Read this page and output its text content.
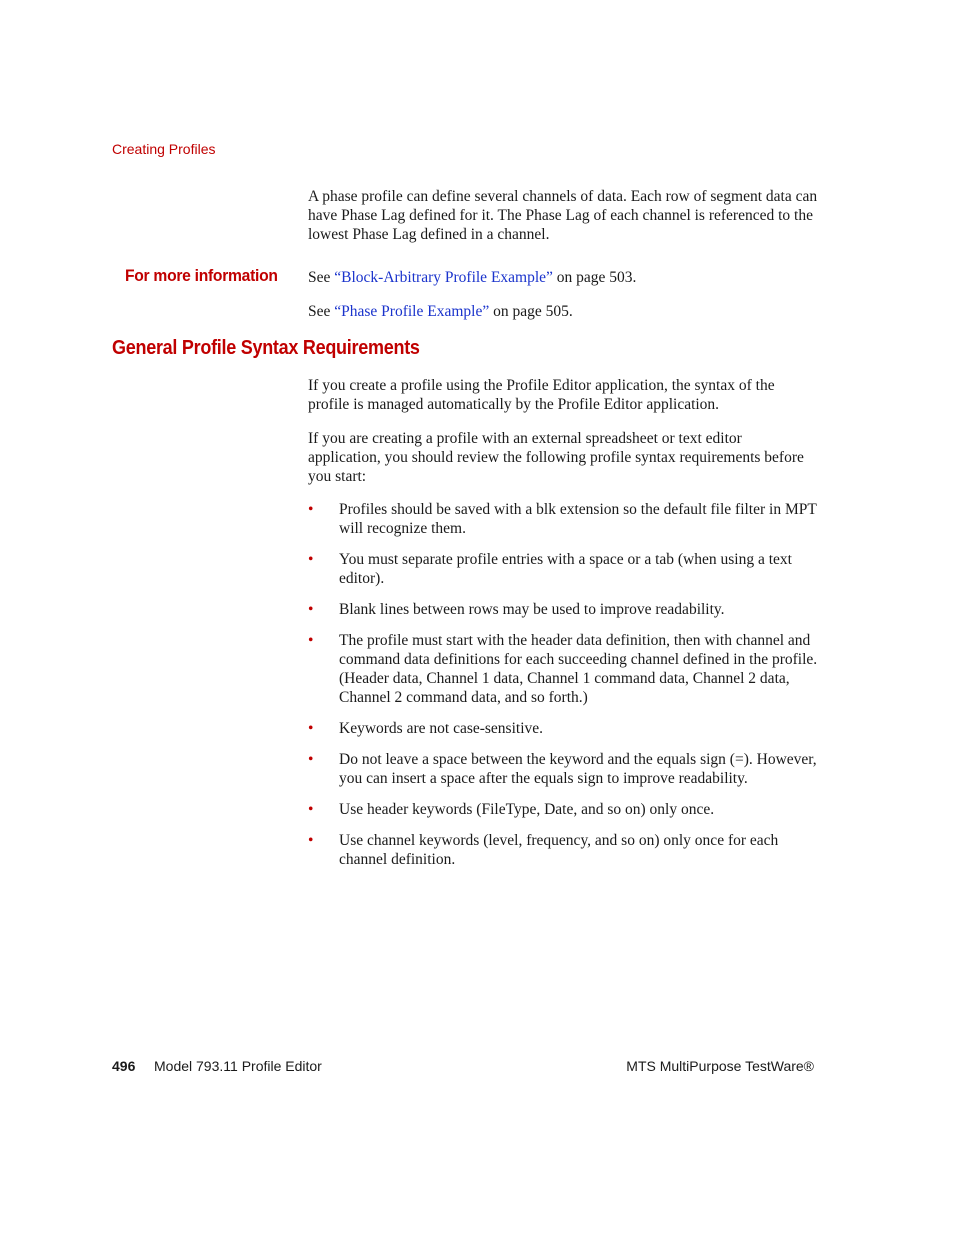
Creating Profiles

A phase profile can define several channels of data. Each row of segment data can have Phase Lag defined for it. The Phase Lag of each channel is referenced to the lowest Phase Lag defined in a channel.

For more information See “Block-Arbitrary Profile Example” on page 503.

See “Phase Profile Example” on page 505.

General Profile Syntax Requirements

If you create a profile using the Profile Editor application, the syntax of the profile is managed automatically by the Profile Editor application.

If you are creating a profile with an external spreadsheet or text editor application, you should review the following profile syntax requirements before you start:

• Profiles should be saved with a blk extension so the default file filter in MPT will recognize them.
• You must separate profile entries with a space or a tab (when using a text editor).
• Blank lines between rows may be used to improve readability.
• The profile must start with the header data definition, then with channel and command data definitions for each succeeding channel defined in the profile. (Header data, Channel 1 data, Channel 1 command data, Channel 2 data, Channel 2 command data, and so forth.)
• Keywords are not case-sensitive.
• Do not leave a space between the keyword and the equals sign (=). However, you can insert a space after the equals sign to improve readability.
• Use header keywords (FileType, Date, and so on) only once.
• Use channel keywords (level, frequency, and so on) only once for each channel definition.
496 Model 793.11 Profile Editor	MTS MultiPurpose TestWare®
